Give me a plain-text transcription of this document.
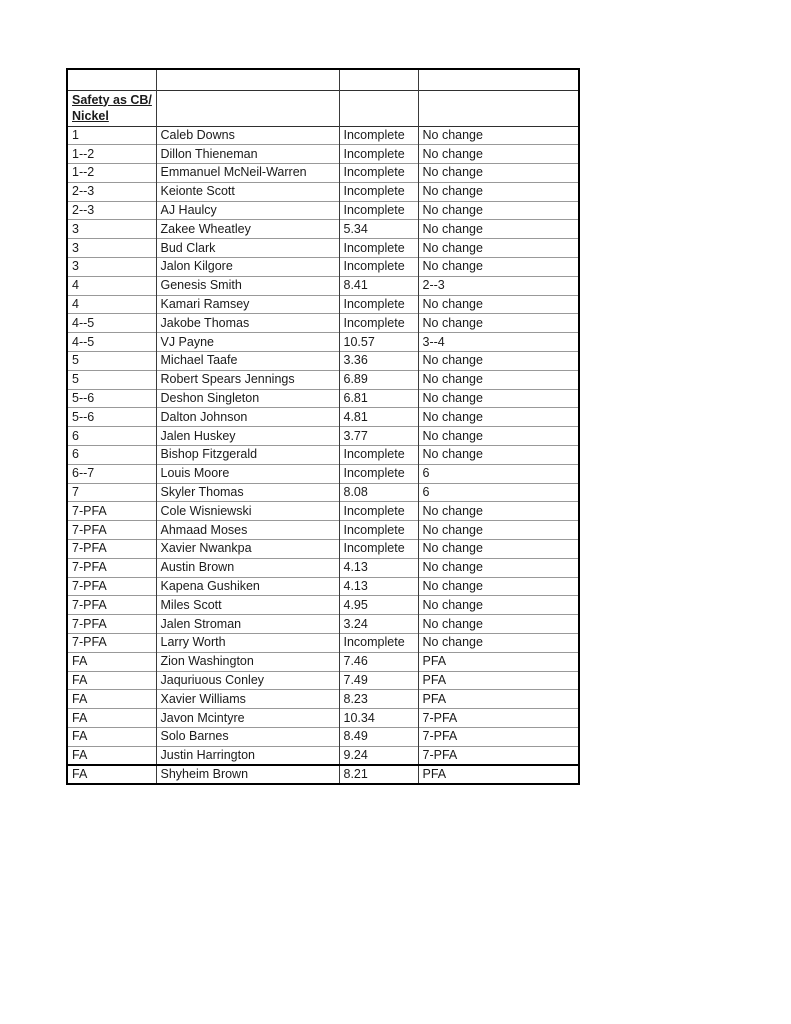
Safety as CB/ Nickel			
1	Caleb Downs	Incomplete	No change
1--2	Dillon Thieneman	Incomplete	No change
1--2	Emmanuel McNeil-Warren	Incomplete	No change
2--3	Keionte Scott	Incomplete	No change
2--3	AJ Haulcy	Incomplete	No change
3	Zakee Wheatley	5.34	No change
3	Bud Clark	Incomplete	No change
3	Jalon Kilgore	Incomplete	No change
4	Genesis Smith	8.41	2--3
4	Kamari Ramsey	Incomplete	No change
4--5	Jakobe Thomas	Incomplete	No change
4--5	VJ Payne	10.57	3--4
5	Michael Taafe	3.36	No change
5	Robert Spears Jennings	6.89	No change
5--6	Deshon Singleton	6.81	No change
5--6	Dalton Johnson	4.81	No change
6	Jalen Huskey	3.77	No change
6	Bishop Fitzgerald	Incomplete	No change
6--7	Louis Moore	Incomplete	6
7	Skyler Thomas	8.08	6
7-PFA	Cole Wisniewski	Incomplete	No change
7-PFA	Ahmaad Moses	Incomplete	No change
7-PFA	Xavier Nwankpa	Incomplete	No change
7-PFA	Austin Brown	4.13	No change
7-PFA	Kapena Gushiken	4.13	No change
7-PFA	Miles Scott	4.95	No change
7-PFA	Jalen Stroman	3.24	No change
7-PFA	Larry Worth	Incomplete	No change
FA	Zion Washington	7.46	PFA
FA	Jaquriuous Conley	7.49	PFA
FA	Xavier Williams	8.23	PFA
FA	Javon Mcintyre	10.34	7-PFA
FA	Solo Barnes	8.49	7-PFA
FA	Justin Harrington	9.24	7-PFA
FA	Shyheim Brown	8.21	PFA
